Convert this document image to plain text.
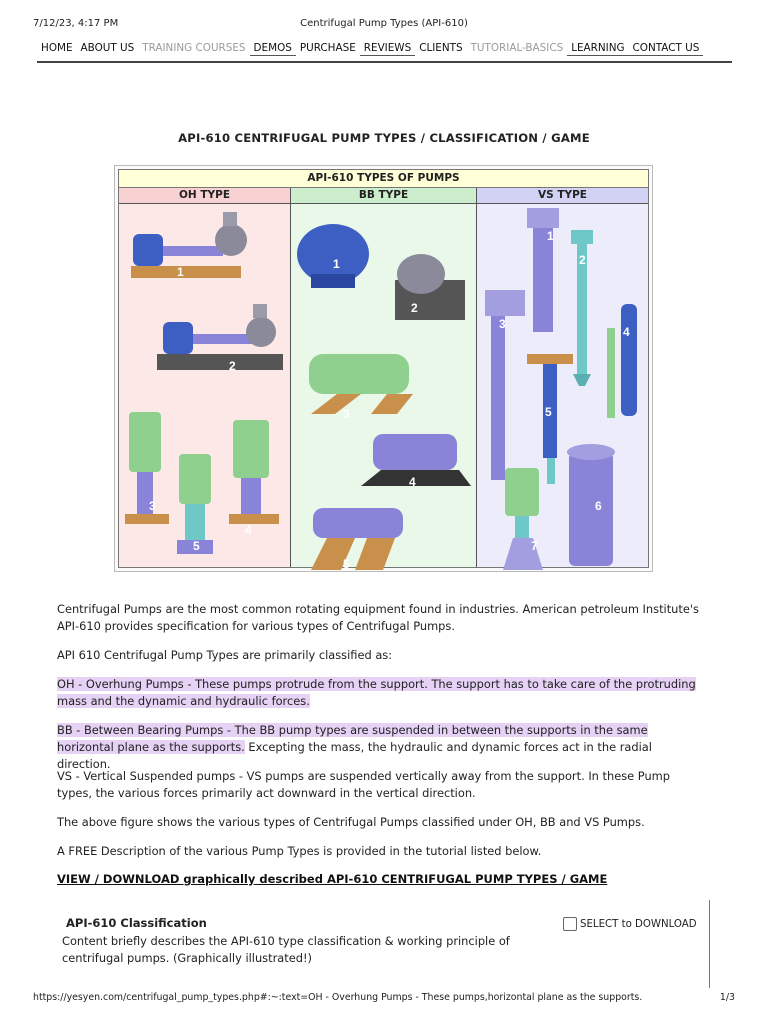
7/12/23, 4:17 PM	Centrifugal Pump Types (API-610)
HOME ABOUT US TRAINING COURSES DEMOS PURCHASE REVIEWS CLIENTS TUTORIAL-BASICS LEARNING CONTACT US
API-610 CENTRIFUGAL PUMP TYPES / CLASSIFICATION / GAME
API-610 TYPES OF PUMPS
OH TYPE
1
2
3
4
5
BB TYPE
1
2
3
4
5
VS TYPE
1
2
3
4
5
6
7

Centrifugal Pumps are the most common rotating equipment found in industries. American petroleum Institute's API-610 provides specification for various types of Centrifugal Pumps.

API 610 Centrifugal Pump Types are primarily classified as:

OH - Overhung Pumps - These pumps protrude from the support. The support has to take care of the protruding mass and the dynamic and hydraulic forces.

BB - Between Bearing Pumps - The BB pump types are suspended in between the supports in the same horizontal plane as the supports. Excepting the mass, the hydraulic and dynamic forces act in the radial direction.

VS - Vertical Suspended pumps - VS pumps are suspended vertically away from the support. In these Pump types, the various forces primarily act downward in the vertical direction.

The above figure shows the various types of Centrifugal Pumps classified under OH, BB and VS Pumps.

A FREE Description of the various Pump Types is provided in the tutorial listed below.

VIEW / DOWNLOAD graphically described API-610 CENTRIFUGAL PUMP TYPES / GAME
API-610 Classification
Content briefly describes the API-610 type classification & working principle of centrifugal pumps. (Graphically illustrated!)
SELECT to DOWNLOAD
https://yesyen.com/centrifugal_pump_types.php#:~:text=OH - Overhung Pumps - These pumps,horizontal plane as the supports.	1/3
